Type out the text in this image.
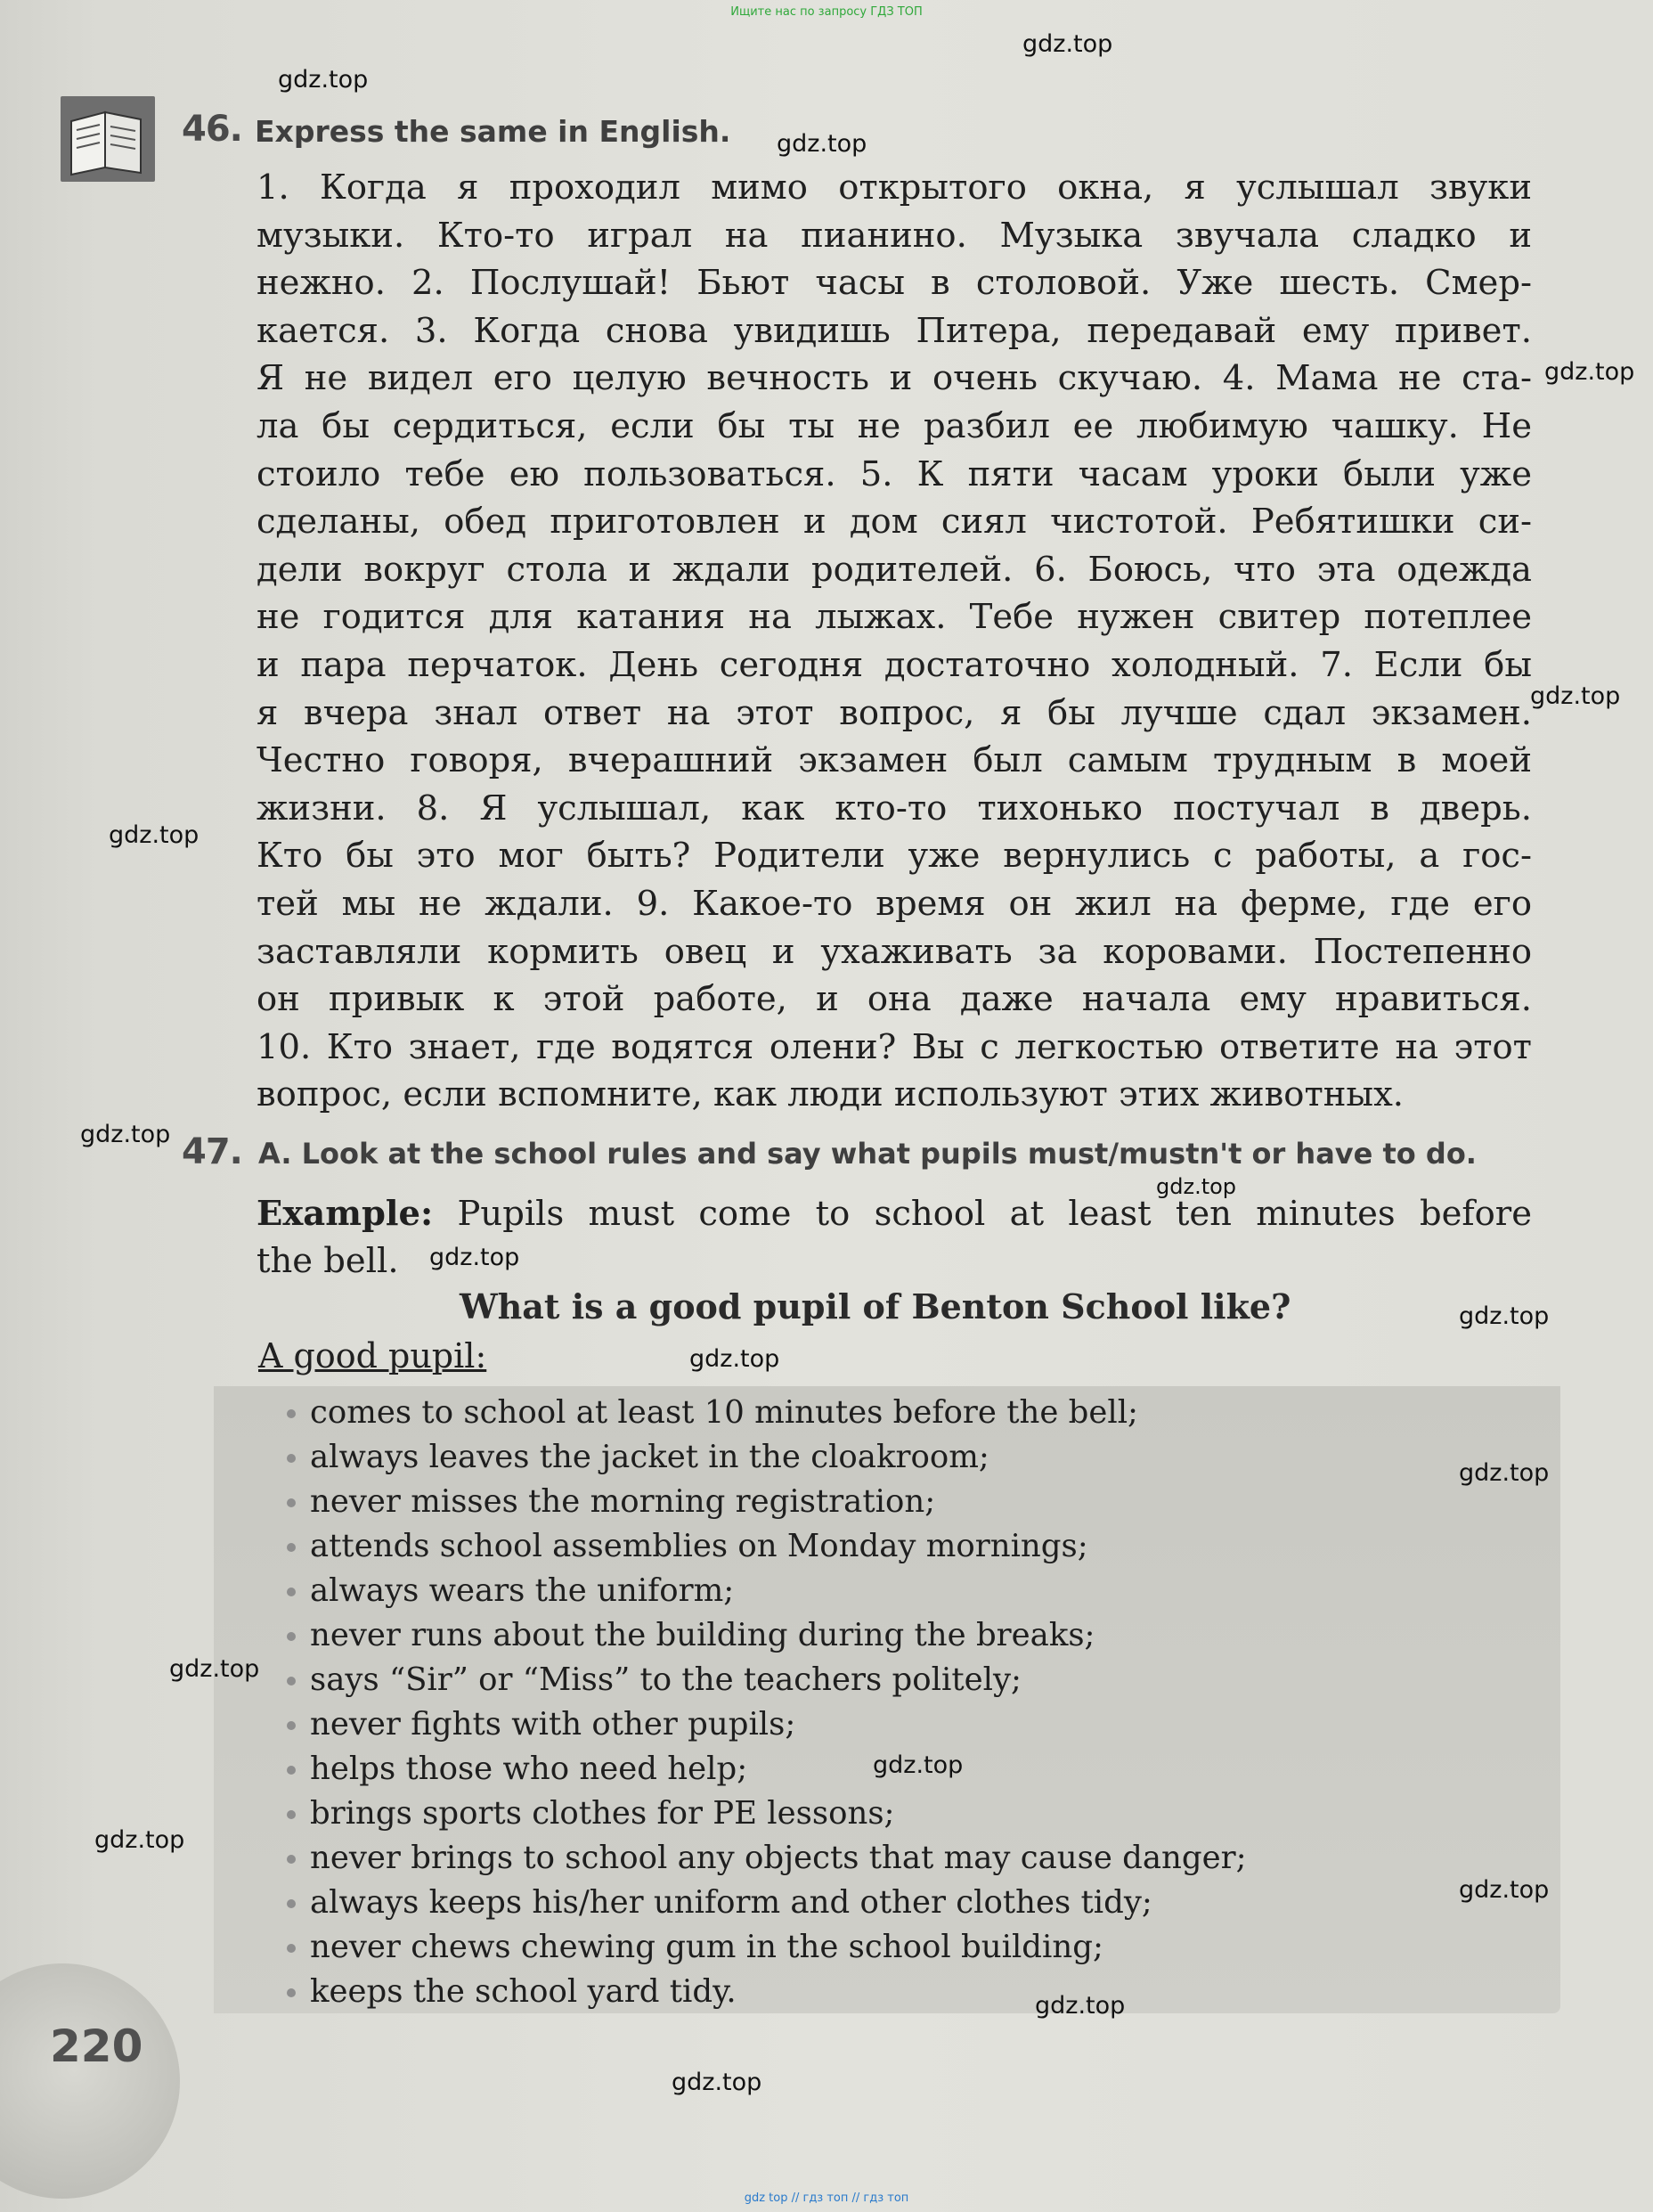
Ищите нас по запросу ГДЗ ТОП
46. Express the same in English.
1. Когда я проходил мимо открытого окна, я услышал звуки
музыки. Кто-то играл на пианино. Музыка звучала сладко и
нежно. 2. Послушай! Бьют часы в столовой. Уже шесть. Смер-
кается. 3. Когда снова увидишь Питера, передавай ему привет.
Я не видел его целую вечность и очень скучаю. 4. Мама не ста-
ла бы сердиться, если бы ты не разбил ее любимую чашку. Не
стоило тебе ею пользоваться. 5. К пяти часам уроки были уже
сделаны, обед приготовлен и дом сиял чистотой. Ребятишки си-
дели вокруг стола и ждали родителей. 6. Боюсь, что эта одежда
не годится для катания на лыжах. Тебе нужен свитер потеплее
и пара перчаток. День сегодня достаточно холодный. 7. Если бы
я вчера знал ответ на этот вопрос, я бы лучше сдал экзамен.
Честно говоря, вчерашний экзамен был самым трудным в моей
жизни. 8. Я услышал, как кто-то тихонько постучал в дверь.
Кто бы это мог быть? Родители уже вернулись с работы, а гос-
тей мы не ждали. 9. Какое-то время он жил на ферме, где его
заставляли кормить овец и ухаживать за коровами. Постепенно
он привык к этой работе, и она даже начала ему нравиться.
10. Кто знает, где водятся олени? Вы с легкостью ответите на этот
вопрос, если вспомните, как люди используют этих животных.
47. A. Look at the school rules and say what pupils must/mustn't or have to do.
Example: Pupils must come to school at least ten minutes before
the bell.
What is a good pupil of Benton School like?
A good pupil:
comes to school at least 10 minutes before the bell;
always leaves the jacket in the cloakroom;
never misses the morning registration;
attends school assemblies on Monday mornings;
always wears the uniform;
never runs about the building during the breaks;
says “Sir” or “Miss” to the teachers politely;
never fights with other pupils;
helps those who need help;
brings sports clothes for PE lessons;
never brings to school any objects that may cause danger;
always keeps his/her uniform and other clothes tidy;
never chews chewing gum in the school building;
keeps the school yard tidy.
220
gdz.top
gdz.top
gdz.top
gdz.top
gdz.top
gdz.top
gdz.top
gdz.top
gdz.top
gdz.top
gdz.top
gdz.top
gdz.top
gdz.top
gdz.top
gdz.top
gdz.top
gdz.top
gdz top // гдз топ // гдз топ
